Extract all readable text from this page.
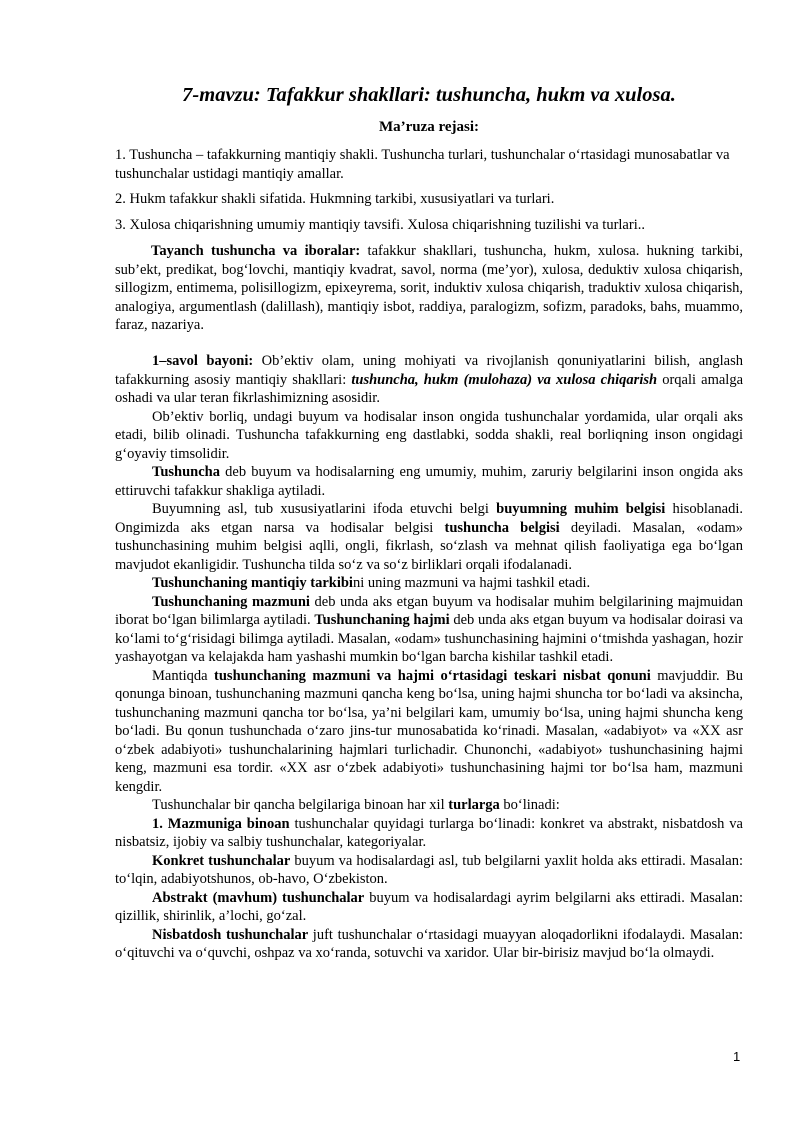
7-mavzu: Tafakkur shakllari: tushuncha, hukm va xulosa.
Ma’ruza rejasi:

1. Tushuncha – tafakkurning mantiqiy shakli. Tushuncha turlari, tushunchalar o‘rtasidagi munosabatlar va tushunchalar ustidagi mantiqiy amallar.

2. Hukm tafakkur shakli sifatida. Hukmning tarkibi, xususiyatlari va turlari.

3. Xulosa chiqarishning umumiy mantiqiy tavsifi. Xulosa chiqarishning tuzilishi va turlari..

Tayanch tushuncha va iboralar: tafakkur shakllari, tushuncha, hukm, xulosa. hukning tarkibi, sub’ekt, predikat, bog‘lovchi, mantiqiy kvadrat, savol, norma (me’yor), xulosa, deduktiv xulosa chiqarish, sillogizm, entimema, polisillogizm, epixeyrema, sorit, induktiv xulosa chiqarish, traduktiv xulosa chiqarish, analogiya, argumentlash (dalillash), mantiqiy isbot, raddiya, paralogizm, sofizm, paradoks, bahs, muammo, faraz, nazariya.

1–savol bayoni: Ob’ektiv olam, uning mohiyati va rivojlanish qonuniyatlarini bilish, anglash tafakkurning asosiy mantiqiy shakllari: tushuncha, hukm (mulohaza) va xulosa chiqarish orqali amalga oshadi va ular teran fikrlashimizning asosidir.

Ob’ektiv borliq, undagi buyum va hodisalar inson ongida tushunchalar yordamida, ular orqali aks etadi, bilib olinadi. Tushuncha tafakkurning eng dastlabki, sodda shakli, real borliqning inson ongidagi g‘oyaviy timsolidir.

Tushuncha deb buyum va hodisalarning eng umumiy, muhim, zaruriy belgilarini inson ongida aks ettiruvchi tafakkur shakliga aytiladi.

Buyumning asl, tub xususiyatlarini ifoda etuvchi belgi buyumning muhim belgisi hisoblanadi. Ongimizda aks etgan narsa va hodisalar belgisi tushuncha belgisi deyiladi. Masalan, «odam» tushunchasining muhim belgisi aqlli, ongli, fikrlash, so‘zlash va mehnat qilish faoliyatiga ega bo‘lgan mavjudot ekanligidir. Tushuncha tilda so‘z va so‘z birliklari orqali ifodalanadi.

Tushunchaning mantiqiy tarkibini uning mazmuni va hajmi tashkil etadi.

Tushunchaning mazmuni deb unda aks etgan buyum va hodisalar muhim belgilarining majmuidan iborat bo‘lgan bilimlarga aytiladi. Tushunchaning hajmi deb unda aks etgan buyum va hodisalar doirasi va ko‘lami to‘g‘risidagi bilimga aytiladi. Masalan, «odam» tushunchasining hajmini o‘tmishda yashagan, hozir yashayotgan va kelajakda ham yashashi mumkin bo‘lgan barcha kishilar tashkil etadi.

Mantiqda tushunchaning mazmuni va hajmi o‘rtasidagi teskari nisbat qonuni mavjuddir. Bu qonunga binoan, tushunchaning mazmuni qancha keng bo‘lsa, uning hajmi shuncha tor bo‘ladi va aksincha, tushunchaning mazmuni qancha tor bo‘lsa, ya’ni belgilari kam, umumiy bo‘lsa, uning hajmi shuncha keng bo‘ladi. Bu qonun tushunchada o‘zaro jins-tur munosabatida ko‘rinadi. Masalan, «adabiyot» va «XX asr o‘zbek adabiyoti» tushunchalarining hajmlari turlichadir. Chunonchi, «adabiyot» tushunchasining hajmi keng, mazmuni esa tordir. «XX asr o‘zbek adabiyoti» tushunchasining hajmi tor bo‘lsa ham, mazmuni kengdir.

Tushunchalar bir qancha belgilariga binoan har xil turlarga bo‘linadi:

1. Mazmuniga binoan tushunchalar quyidagi turlarga bo‘linadi: konkret va abstrakt, nisbatdosh va nisbatsiz, ijobiy va salbiy tushunchalar, kategoriyalar.

Konkret tushunchalar buyum va hodisalardagi asl, tub belgilarni yaxlit holda aks ettiradi. Masalan: to‘lqin, adabiyotshunos, ob-havo, O‘zbekiston.

Abstrakt (mavhum) tushunchalar buyum va hodisalardagi ayrim belgilarni aks ettiradi. Masalan: qizillik, shirinlik, a’lochi, go‘zal.

Nisbatdosh tushunchalar juft tushunchalar o‘rtasidagi muayyan aloqadorlikni ifodalaydi. Masalan: o‘qituvchi va o‘quvchi, oshpaz va xo‘randa, sotuvchi va xaridor. Ular bir-birisiz mavjud bo‘la olmaydi.

1
